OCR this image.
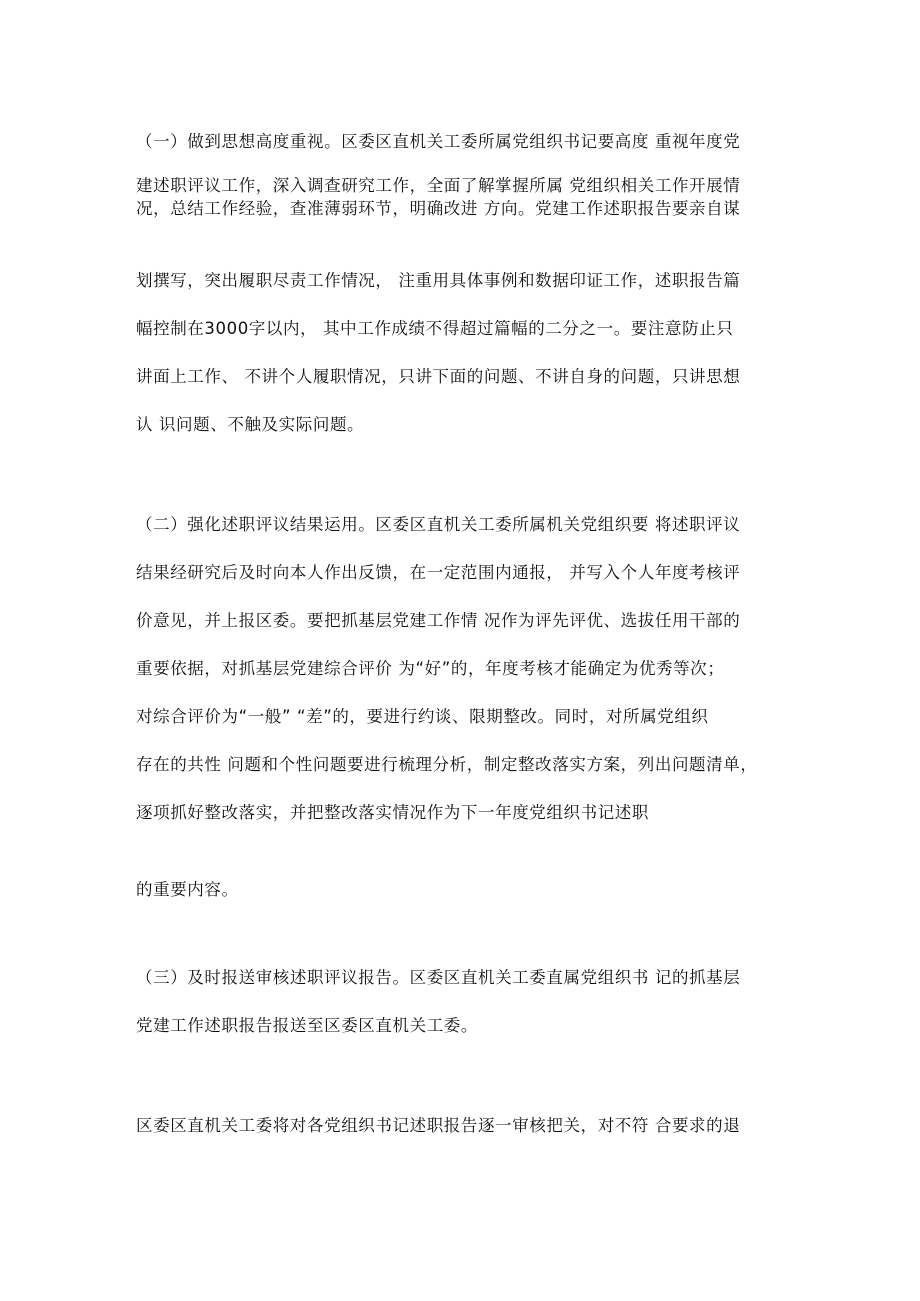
（一）做到思想高度重视。区委区直机关工委所属党组织书记要高度 重视年度党
建述职评议工作，深入调查研究工作，全面了解掌握所属 党组织相关工作开展情
况，总结工作经验，查准薄弱环节，明确改进 方向。党建工作述职报告要亲自谋
划撰写，突出履职尽责工作情况， 注重用具体事例和数据印证工作，述职报告篇
幅控制在3000字以内， 其中工作成绩不得超过篇幅的二分之一。要注意防止只
讲面上工作、 不讲个人履职情况，只讲下面的问题、不讲自身的问题，只讲思想
认 识问题、不触及实际问题。
（二）强化述职评议结果运用。区委区直机关工委所属机关党组织要 将述职评议
结果经研究后及时向本人作出反馈，在一定范围内通报， 并写入个人年度考核评
价意见，并上报区委。要把抓基层党建工作情 况作为评先评优、选拔任用干部的
重要依据，对抓基层党建综合评价 为“好”的，年度考核才能确定为优秀等次；
对综合评价为“一般” “差”的，要进行约谈、限期整改。同时，对所属党组织
存在的共性 问题和个性问题要进行梳理分析，制定整改落实方案，列出问题清单，
逐项抓好整改落实，并把整改落实情况作为下一年度党组织书记述职
的重要内容。
（三）及时报送审核述职评议报告。区委区直机关工委直属党组织书 记的抓基层
党建工作述职报告报送至区委区直机关工委。
区委区直机关工委将对各党组织书记述职报告逐一审核把关，对不符 合要求的退
